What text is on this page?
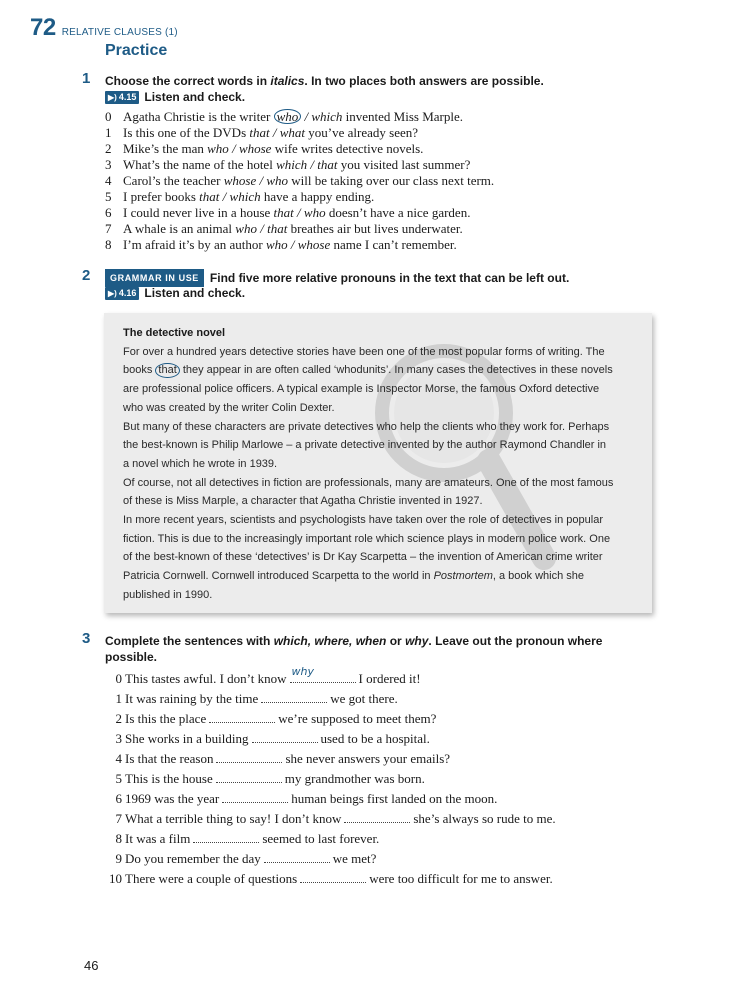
72 RELATIVE CLAUSES (1)
Practice
1 Choose the correct words in italics. In two places both answers are possible.
▶) 4.15 Listen and check.
0 Agatha Christie is the writer who / which invented Miss Marple.
1 Is this one of the DVDs that / what you’ve already seen?
2 Mike’s the man who / whose wife writes detective novels.
3 What’s the name of the hotel which / that you visited last summer?
4 Carol’s the teacher whose / who will be taking over our class next term.
5 I prefer books that / which have a happy ending.
6 I could never live in a house that / who doesn’t have a nice garden.
7 A whale is an animal who / that breathes air but lives underwater.
8 I’m afraid it’s by an author who / whose name I can’t remember.
2	GRAMMAR IN USE Find five more relative pronouns in the text that can be left out.
▶) 4.16 Listen and check.

The detective novel

For over a hundred years detective stories have been one of the most popular forms of writing. The

books that they appear in are often called ‘whodunits’. In many cases the detectives in these novels

are professional police officers. A typical example is Inspector Morse, the famous Oxford detective

who was created by the writer Colin Dexter.

But many of these characters are private detectives who help the clients who they work for. Perhaps

the best-known is Philip Marlowe – a private detective invented by the author Raymond Chandler in

a novel which he wrote in 1939.

Of course, not all detectives in fiction are professionals, many are amateurs. One of the most famous

of these is Miss Marple, a character that Agatha Christie invented in 1927.

In more recent years, scientists and psychologists have taken over the role of detectives in popular

fiction. This is due to the increasingly important role which science plays in modern police work. One

of the best-known of these ‘detectives’ is Dr Kay Scarpetta – the invention of American crime writer

Patricia Cornwell. Cornwell introduced Scarpetta to the world in Postmortem, a book which she

published in 1990.

3 Complete the sentences with which, where, when or why. Leave out the pronoun where
possible.
0 This tastes awful. I don’t know why	I ordered it!
1 It was raining by the time	we got there.
2 Is this the place	we’re supposed to meet them?
3 She works in a building	used to be a hospital.
4 Is that the reason	she never answers your emails?
5 This is the house	my grandmother was born.
6 1969 was the year	human beings first landed on the moon.
7 What a terrible thing to say! I don’t know	she’s always so rude to me.
8 It was a film	seemed to last forever.
9 Do you remember the day	we met?
10 There were a couple of questions	were too difficult for me to answer.
46
